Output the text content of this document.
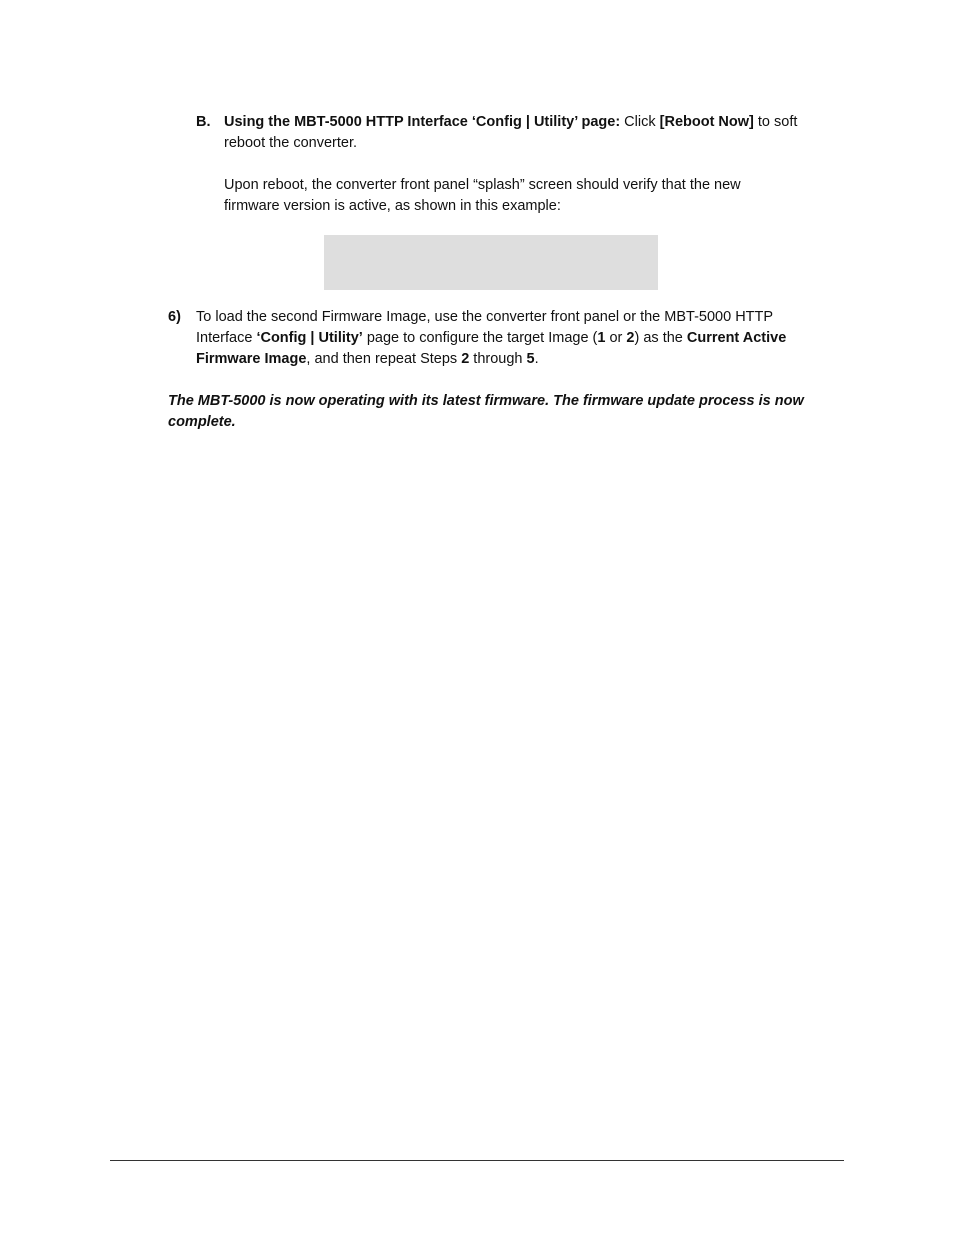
B. Using the MBT-5000 HTTP Interface ‘Config | Utility’ page: Click [Reboot Now] to soft
reboot the converter.
Upon reboot, the converter front panel “splash” screen should verify that the new
firmware version is active, as shown in this example:
6) To load the second Firmware Image, use the converter front panel or the MBT-5000 HTTP
Interface ‘Config | Utility’ page to configure the target Image (1 or 2) as the Current Active
Firmware Image, and then repeat Steps 2 through 5.
The MBT-5000 is now operating with its latest firmware. The firmware update process is now
complete.
